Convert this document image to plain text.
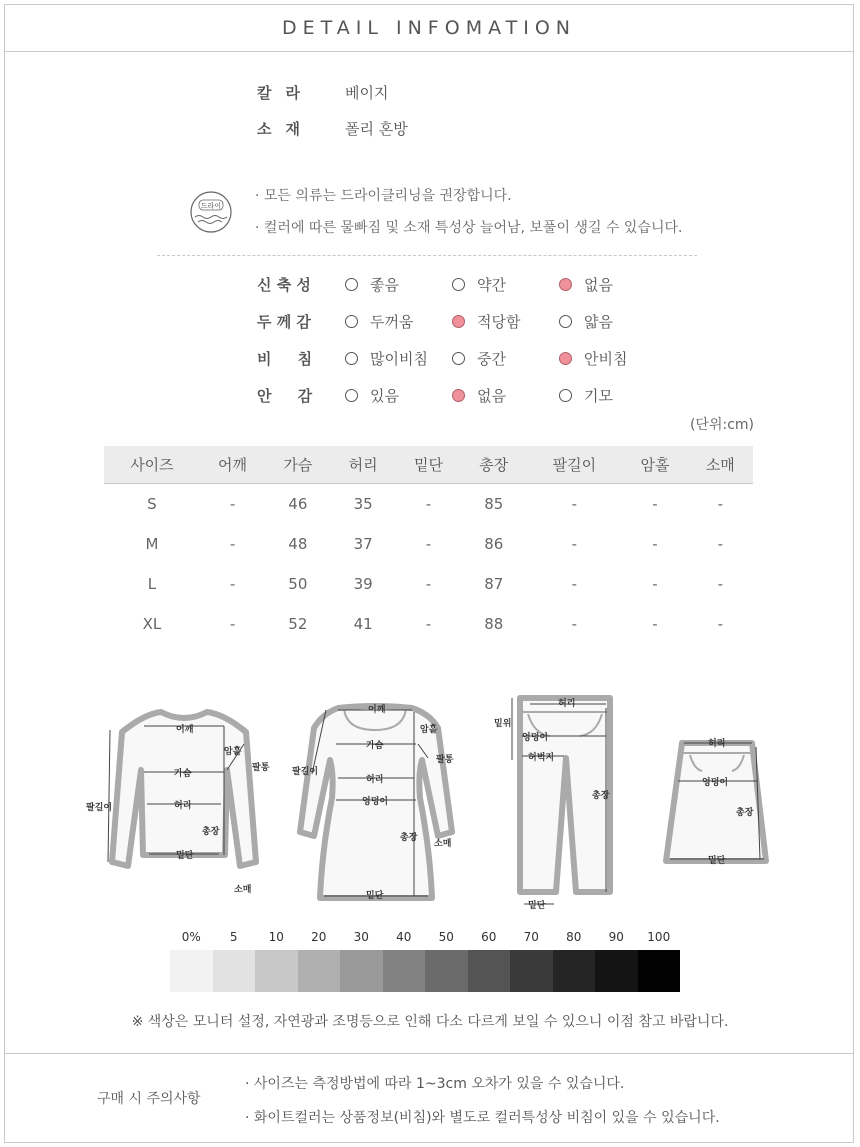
DETAIL INFOMATION
칼라 베이지
소재 폴리 혼방
드라이
· 모든 의류는 드라이클리닝을 권장합니다.
· 컬러에 따른 물빠짐 및 소재 특성상 늘어남, 보풀이 생길 수 있습니다.
신 축 성	좋음	약간	없음
두 께 감	두꺼움	적당함	얇음
비     침	많이비침	중간	안비침
안     감	있음	없음	기모
(단위:cm)
사이즈	어깨	가슴	허리	밑단	총장	팔길이	암홀	소매
S	-	46	35	-	85	-	-	-
M	-	48	37	-	86	-	-	-
L	-	50	39	-	87	-	-	-
XL	-	52	41	-	88	-	-	-
어깨
가슴
허리
밑단
암홀
팔통
팔길이
총장
소매
어깨
암홀
가슴
팔통
팔길이
허리
엉덩이
총장
소매
밑단
허리
밑위
엉덩이
허벅지
총장
밑단
허리
엉덩이
총장
밑단
0%	5	10	20	30	40	50	60	70	80	90	100
※ 색상은 모니터 설정, 자연광과 조명등으로 인해 다소 다르게 보일 수 있으니 이점 참고 바랍니다.
구매 시 주의사항
· 사이즈는 측정방법에 따라 1~3cm 오차가 있을 수 있습니다.
· 화이트컬러는 상품정보(비침)와 별도로 컬러특성상 비침이 있을 수 있습니다.
